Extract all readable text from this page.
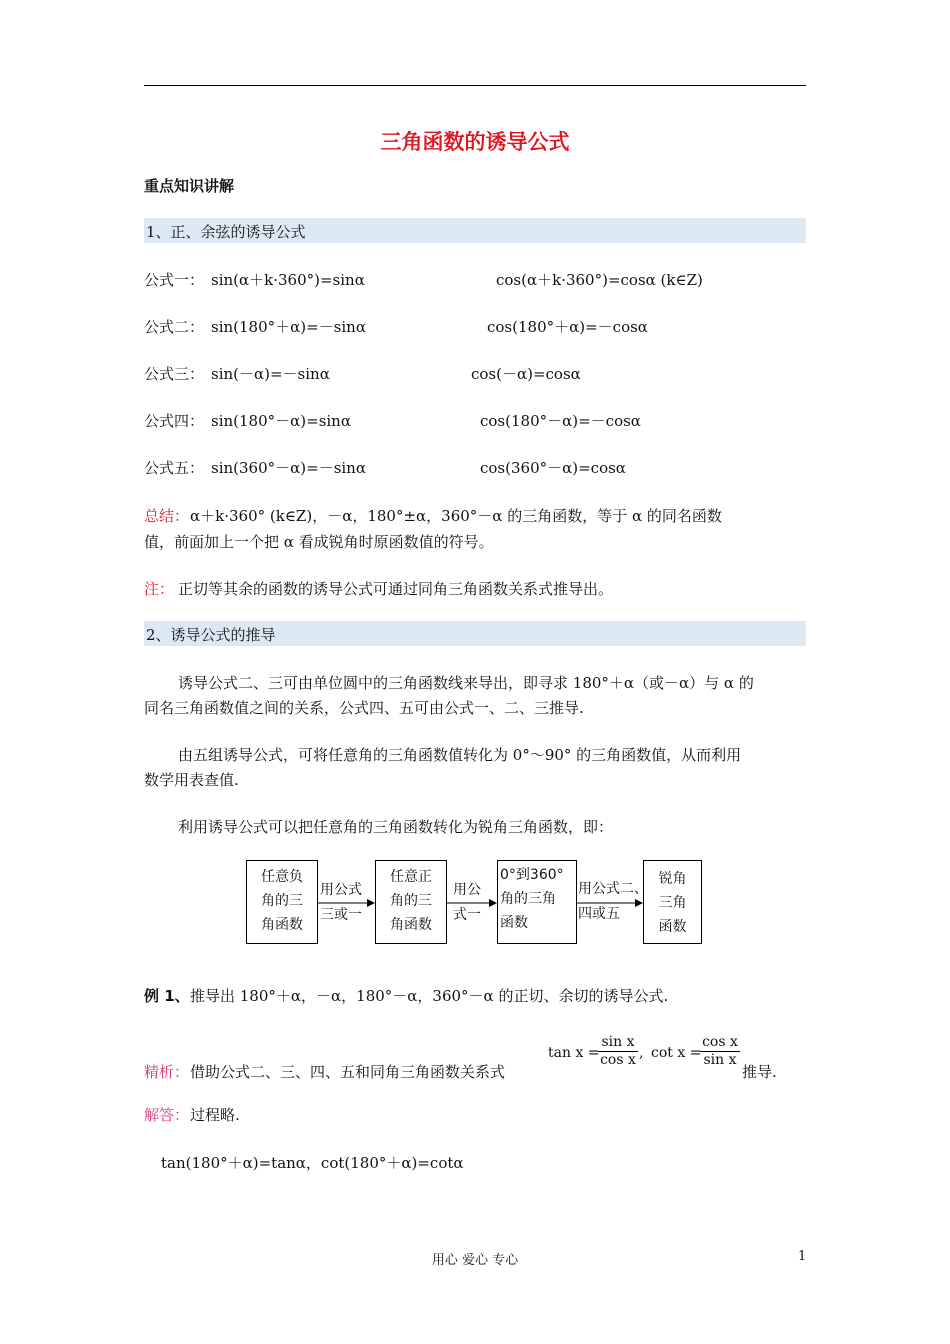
三角函数的诱导公式
重点知识讲解
1、正、余弦的诱导公式
公式一： sin(α＋k·360°)=sinα	cos(α＋k·360°)=cosα (k∈Z)
公式二： sin(180°＋α)=－sinα	cos(180°＋α)=－cosα
公式三： sin(－α)=－sinα	cos(－α)=cosα
公式四： sin(180°－α)=sinα	cos(180°－α)=－cosα
公式五： sin(360°－α)=－sinα	cos(360°－α)=cosα
总结： α＋k·360° (k∈Z)，－α，180°±α，360°－α 的三角函数，等于 α 的同名函数
值，前面加上一个把 α 看成锐角时原函数值的符号。
注： 正切等其余的函数的诱导公式可通过同角三角函数关系式推导出。
2、诱导公式的推导
诱导公式二、三可由单位圆中的三角函数线来导出，即寻求 180°＋α（或－α）与 α 的
同名三角函数值之间的关系，公式四、五可由公式一、二、三推导.
由五组诱导公式，可将任意角的三角函数值转化为 0°～90° 的三角函数值，从而利用
数学用表查值.
利用诱导公式可以把任意角的三角函数转化为锐角三角函数，即：
任意负
角的三
角函数
任意正
角的三
角函数
0°到360°
角的三角
函数
锐角
三角
函数
用公式
三或一
用公
式一
用公式二、
四或五
例 1、 推导出 180°＋α，－α，180°－α，360°－α 的正切、余切的诱导公式.
精析： 借助公式二、三、四、五和同角三角函数关系式
tan x =
$\frac{\text{sin x}}{\text{cos x}}$ , cot x =
$\frac{\text{cos x}}{\text{sin x}}$
推导.
解答： 过程略.
tan(180°＋α)=tanα，cot(180°＋α)=cotα
用心 爱心 专心	1
